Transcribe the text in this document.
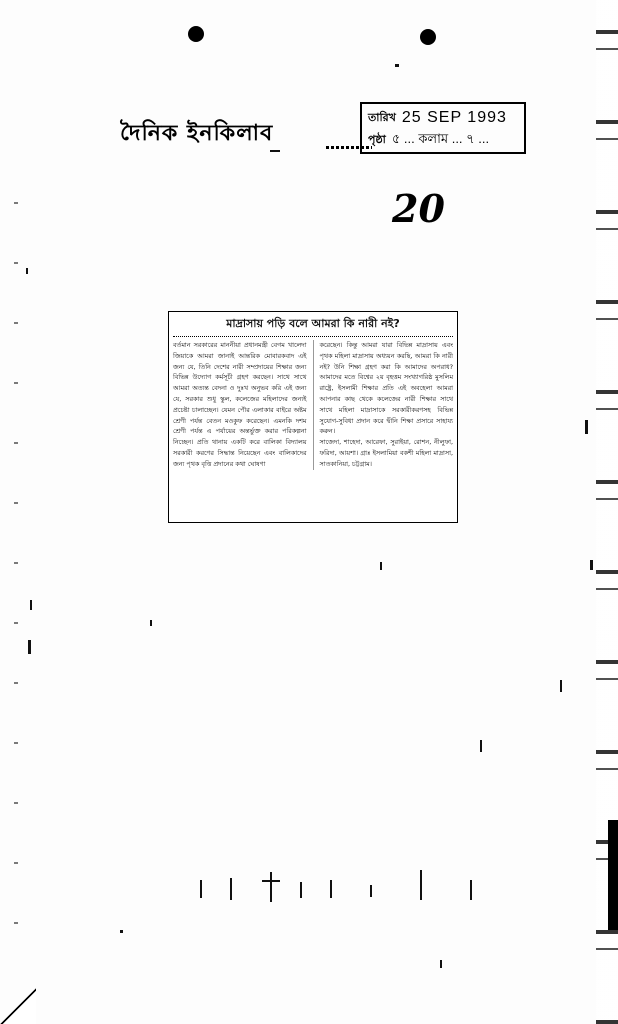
দৈনিক ইনকিলাব
তারিখ 25 SEP 1993
পৃষ্ঠা ৫ ... কলাম ... ৭ ...
20
মাদ্রাসায় পড়ি বলে আমরা কি নারী নই?

বর্তমান সরকারের মাননীয়া প্রধানমন্ত্রী বেগম খালেদা জিয়াকে আমরা জানাই আন্তরিক মোবারকবাদ এই জন্য যে, তিনি দেশের নারী সম্প্রদায়ের শিক্ষার জন্য বিভিন্ন উদ্যোগ কর্মসূচী গ্রহণ করছেন। সাথে সাথে আমরা অত্যন্ত বেদনা ও দুঃখ অনুভব করি এই জন্য যে, সরকার শুধু স্কুল, কলেজের মহিলাদের জন্যই প্রচেষ্টা চালাচ্ছেন। যেমন পৌর এলাকার বাইরে অষ্টম শ্রেণী পর্যন্ত বেতন মওকুফ করেছেন। এমনকি দশম শ্রেণী পর্যন্ত এ পর্যায়ের অন্তর্ভুক্ত করার পরিকল্পনা নিচ্ছেন। প্রতি থানায় একটি করে বালিকা বিদ্যালয় সরকারী করণের সিদ্ধান্ত নিয়েছেন এবং বালিকাদের জন্য পৃথক বৃত্তি প্রদানের কথা ঘোষণা

করেছেন। কিন্তু আমরা যারা বিভিন্ন মাদ্রাসায় এবং পৃথক মহিলা মাদ্রাসায় অধ্যয়ন করছি, আমরা কি নারী নই? উনি শিক্ষা গ্রহণ করা কি আমাদের অপরাধ? আমাদের মতে বিশ্বের ২য় বৃহত্তম সংখ্যাগরিষ্ঠ মুসলিম রাষ্ট্রে, ইসলামী শিক্ষার প্রতি এই অবহেলা আমরা আপনার কাছ থেকে কলেজের নারী শিক্ষার সাথে সাথে মহিলা মাদ্রাসাকে সরকারীকরণসহ বিভিন্ন সুযোগ-সুবিধা প্রদান করে দ্বীনি শিক্ষা প্রসারে সাহায্য করুন।

সাজেদা, শাহেদা, আরেফা, সুরাইয়া, রোশন, নীলুফা, ফরিদা, আয়শা। গ্রাঃ ইসলামিয়া বকশী মহিলা মাদ্রাসা, সাতকানিয়া, চট্টগ্রাম।
